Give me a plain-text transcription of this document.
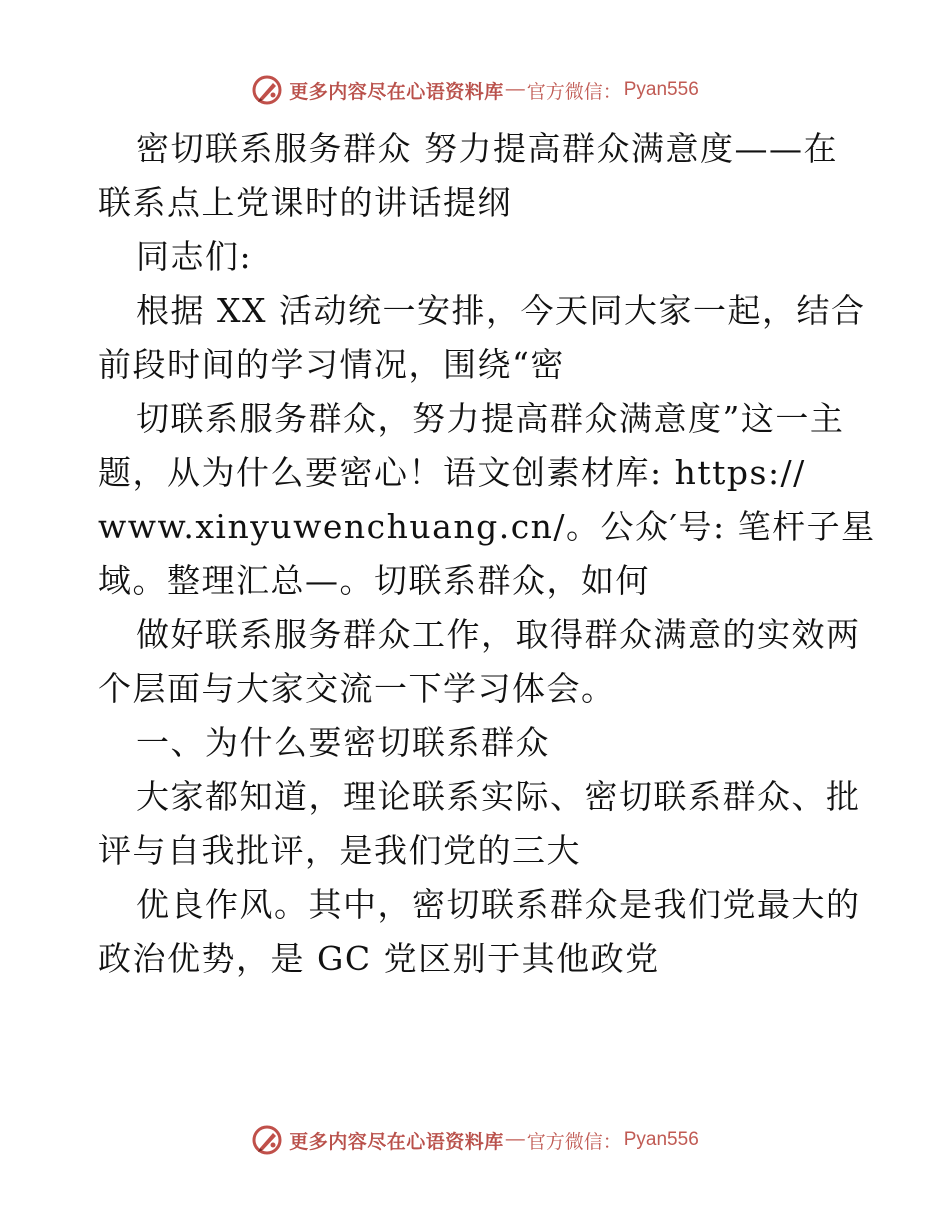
更多内容尽在心语资料库 — 官方微信： Pyan556
密切联系服务群众 努力提高群众满意度——在
联系点上党课时的讲话提纲
同志们:
根据 XX 活动统一安排，今天同大家一起，结合
前段时间的学习情况，围绕“密
切联系服务群众，努力提高群众满意度”这一主
题，从为什么要密心！语文创素材库: https://
www.xinyuwenchuang.cn/。公众′号: 笔杆子星
域。整理汇总—。切联系群众，如何
做好联系服务群众工作，取得群众满意的实效两
个层面与大家交流一下学习体会。
一、为什么要密切联系群众
大家都知道，理论联系实际、密切联系群众、批
评与自我批评，是我们党的三大
优良作风。其中，密切联系群众是我们党最大的
政治优势，是 GC 党区别于其他政党
更多内容尽在心语资料库 — 官方微信： Pyan556
